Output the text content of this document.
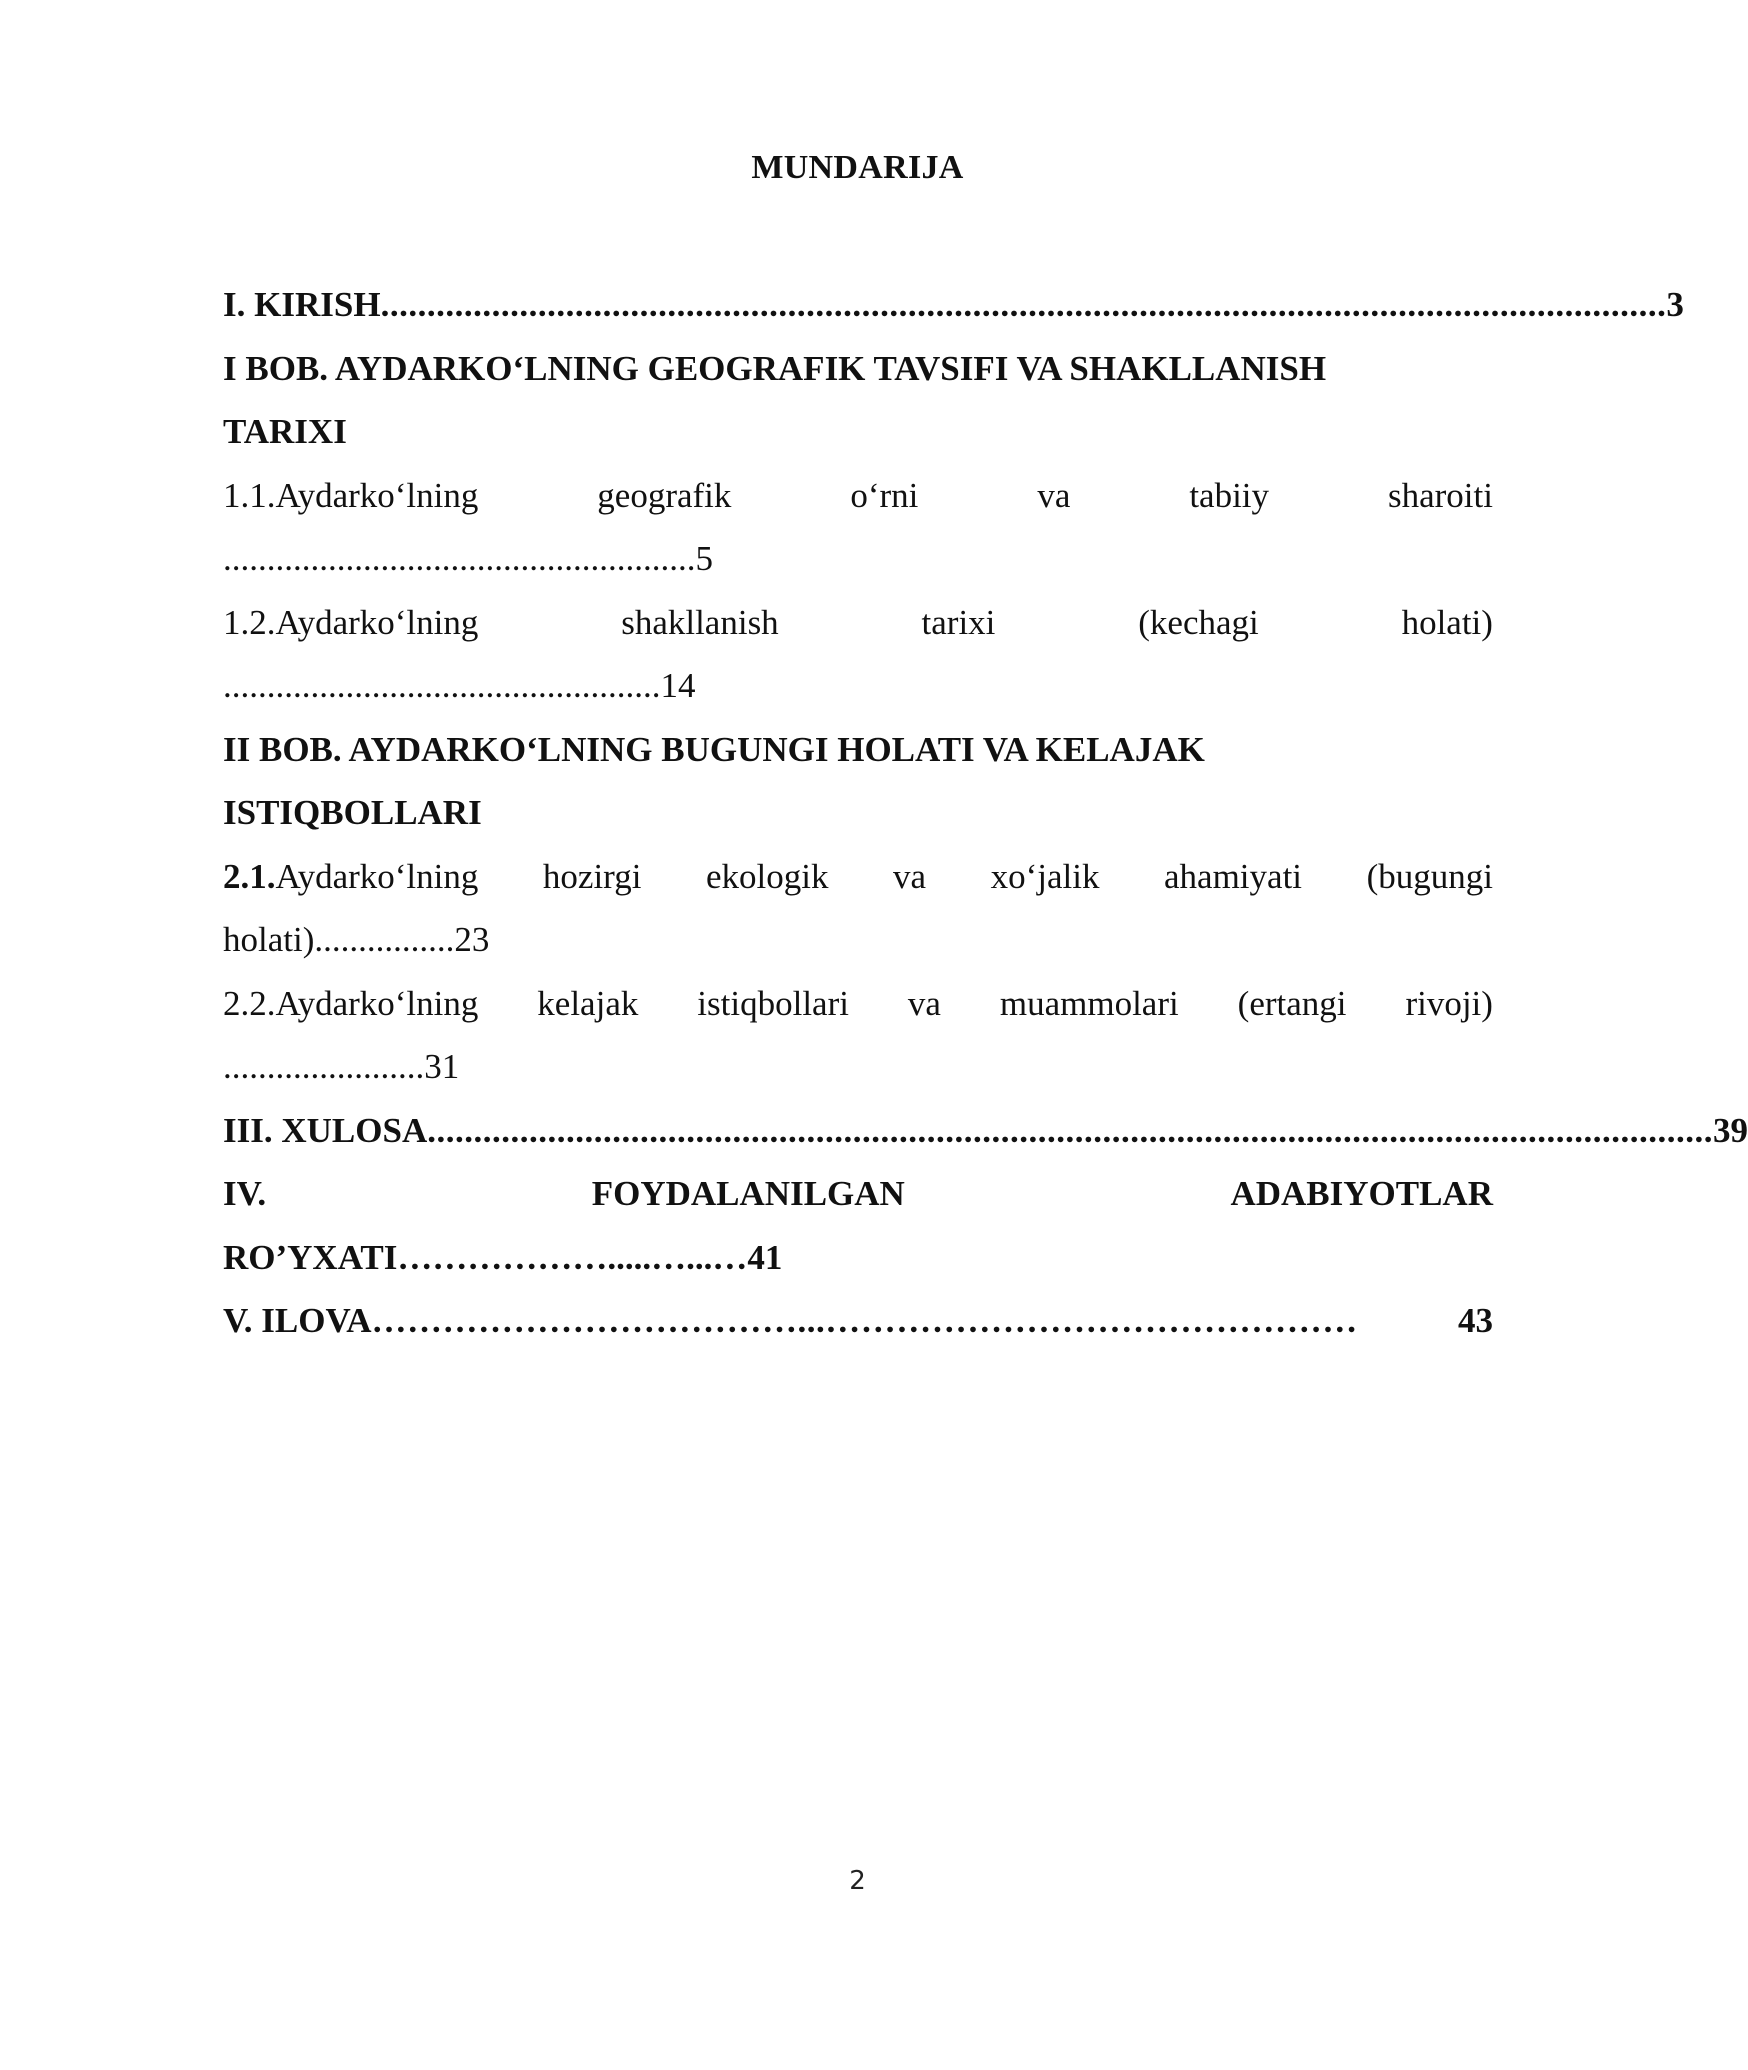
MUNDARIJA
I. KIRISH ........................................................................................................................................... 3
I BOB. AYDARKO‘LNING GEOGRAFIK TAVSIFI VA SHAKLLANISH
TARIXI
1.1.Aydarko‘lning	geografik	o‘rni	va	tabiiy	sharoiti
......................................................5
1.2.Aydarko‘lning	shakllanish	tarixi	(kechagi	holati)
..................................................14
II BOB. AYDARKO‘LNING BUGUNGI HOLATI VA KELAJAK
ISTIQBOLLARI
2.1.Aydarko‘lning hozirgi ekologik va xo‘jalik ahamiyati (bugungi
holati)................23
2.2.Aydarko‘lning kelajak istiqbollari va muammolari (ertangi rivoji)
.......................31
III. XULOSA ........................................................................................................................................... 39
IV.	FOYDALANILGAN	ADABIYOTLAR
RO’YXATI……………….....…...…41
V. ILOVA ………………………………...………………………………………	43
2
